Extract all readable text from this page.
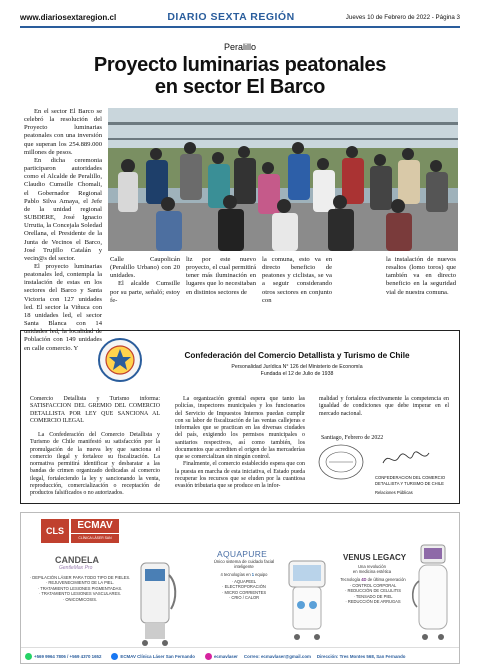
www.diariosextaregion.cl	DIARIO SEXTA REGIÓN	Jueves 10 de Febrero de 2022 - Página 3
Peralillo
Proyecto luminarias peatonales
en sector El Barco

En el sector El Barco se celebró la resolución del Proyecto luminarias peatonales con una inversión que superan los 254.889.000 millones de pesos.

En dicha ceremonia participaron autoridades como el Alcalde de Peralillo, Claudio Cumsille Chomali, el Gobernador Regional Pablo Silva Amaya, el Jefe de la unidad regional SUBDERE, José Ignacio Urrutia, la Concejala Soledad Orellana, el Presidente de la Junta de Vecinos el Barco, José Trujillo Catalán y vecin@s del sector.

El proyecto luminarias peatonales led, contempla la instalación de estas en los sectores del Barco y Santa Victoria con 127 unidades led. El sector la Viñuca con 18 unidades led, el sector Santa Blanca con 14 unidades led, la localidad de Población con 149 unidades en calle comercio. Y

Calle Caupolicán (Peralillo Urbano) con 20 unidades.

El alcalde Cumsille por su parte, señaló; estoy fe-

liz por este nuevo proyecto, el cual permitirá tener más iluminación en lugares que lo necesitaban en distintos sectores de

la comuna, esto va en directo beneficio de peatones y ciclistas, se va a seguir considerando otros sectores en conjunto con

la instalación de nuevos resaltos (lomo toros) que también va en directo beneficio en la seguridad vial de nuestra comuna.

Confederación del Comercio Detallista y Turismo de Chile
Personalidad Jurídica N° 126 del Ministerio de Economía
Fundada el 12 de Julio de 1938

Comercio Detallista y Turismo informa: SATISFACCION DEL GREMIO DEL COMERCIO DETALLISTA POR LEY QUE SANCIONA AL COMERCIO ILEGAL

La Confederación del Comercio Detallista y Turismo de Chile manifestó su satisfacción por la promulgación de la nueva ley que sanciona el comercio ilegal y fortalece su fiscalización. La normativa permitirá identificar y desbaratar a las bandas de crimen organizado dedicadas al comercio ilegal, fortaleciendo la ley y sancionando la venta, reproducción, comercialización o receptación de productos falsificados o no autorizados.

La organización gremial espera que tanto las policías, inspectores municipales y los funcionarios del Servicio de Impuestos Internos puedan cumplir con su labor de fiscalización de las ventas callejeras e informales que se practican en las diversas ciudades del país, exigiendo los permisos municipales o sanitarios respectivos, así como también, los documentos que acrediten el origen de las mercaderías que se comercializan sin ningún control.

Finalmente, el comercio establecido espera que con la puesta en marcha de esta iniciativa, el Estado pueda recuperar los recursos que se eluden por la cuantiosa evasión tributaria que se produce en la infor-

malidad y fortaleza efectivamente la competencia en igualdad de condiciones que debe imperar en el mercado nacional.

Santiago, Febrero de 2022
CONFEDERACION DEL COMERCIO
DETALLISTA Y TURISMO DE CHILE
Relaciones Públicas
CLS	ECMAV
CLÍNICA LÁSER SAN FERNANDO
CANDELA
GentleMax Pro
· DEPILACIÓN LÁSER PARA TODO TIPO DE PIELES.
· REJUVENECIMIENTO DE LA PIEL.
· TRATAMIENTO LESIONES PIGMENTADAS.
· TRATAMIENTO LESIONES VASCULARES.
· ONICOMICOSIS.
AQUAPURE
Único sistema de cuidado facial inteligente
4 tecnologías en 1 equipo
· AQUAPEEL
· ELECTROPORACIÓN
· MICRO CORRIENTES
· CRIO / CALOR
VENUS LEGACY
Una revolución
en medicina estética
Tecnología 4D de última generación
· CONTROL CORPORAL
· REDUCCIÓN DE CELULITIS
· TENSADO DE PIEL
· REDUCCIÓN DE ARRUGAS
+569 9964 7806 / +569 4370 1652	ECMAV Clínica Láser San Fernando	ecmavlaser Correo: ecmavlaser@gmail.com Dirección: Tres Montes 568, San Fernando
